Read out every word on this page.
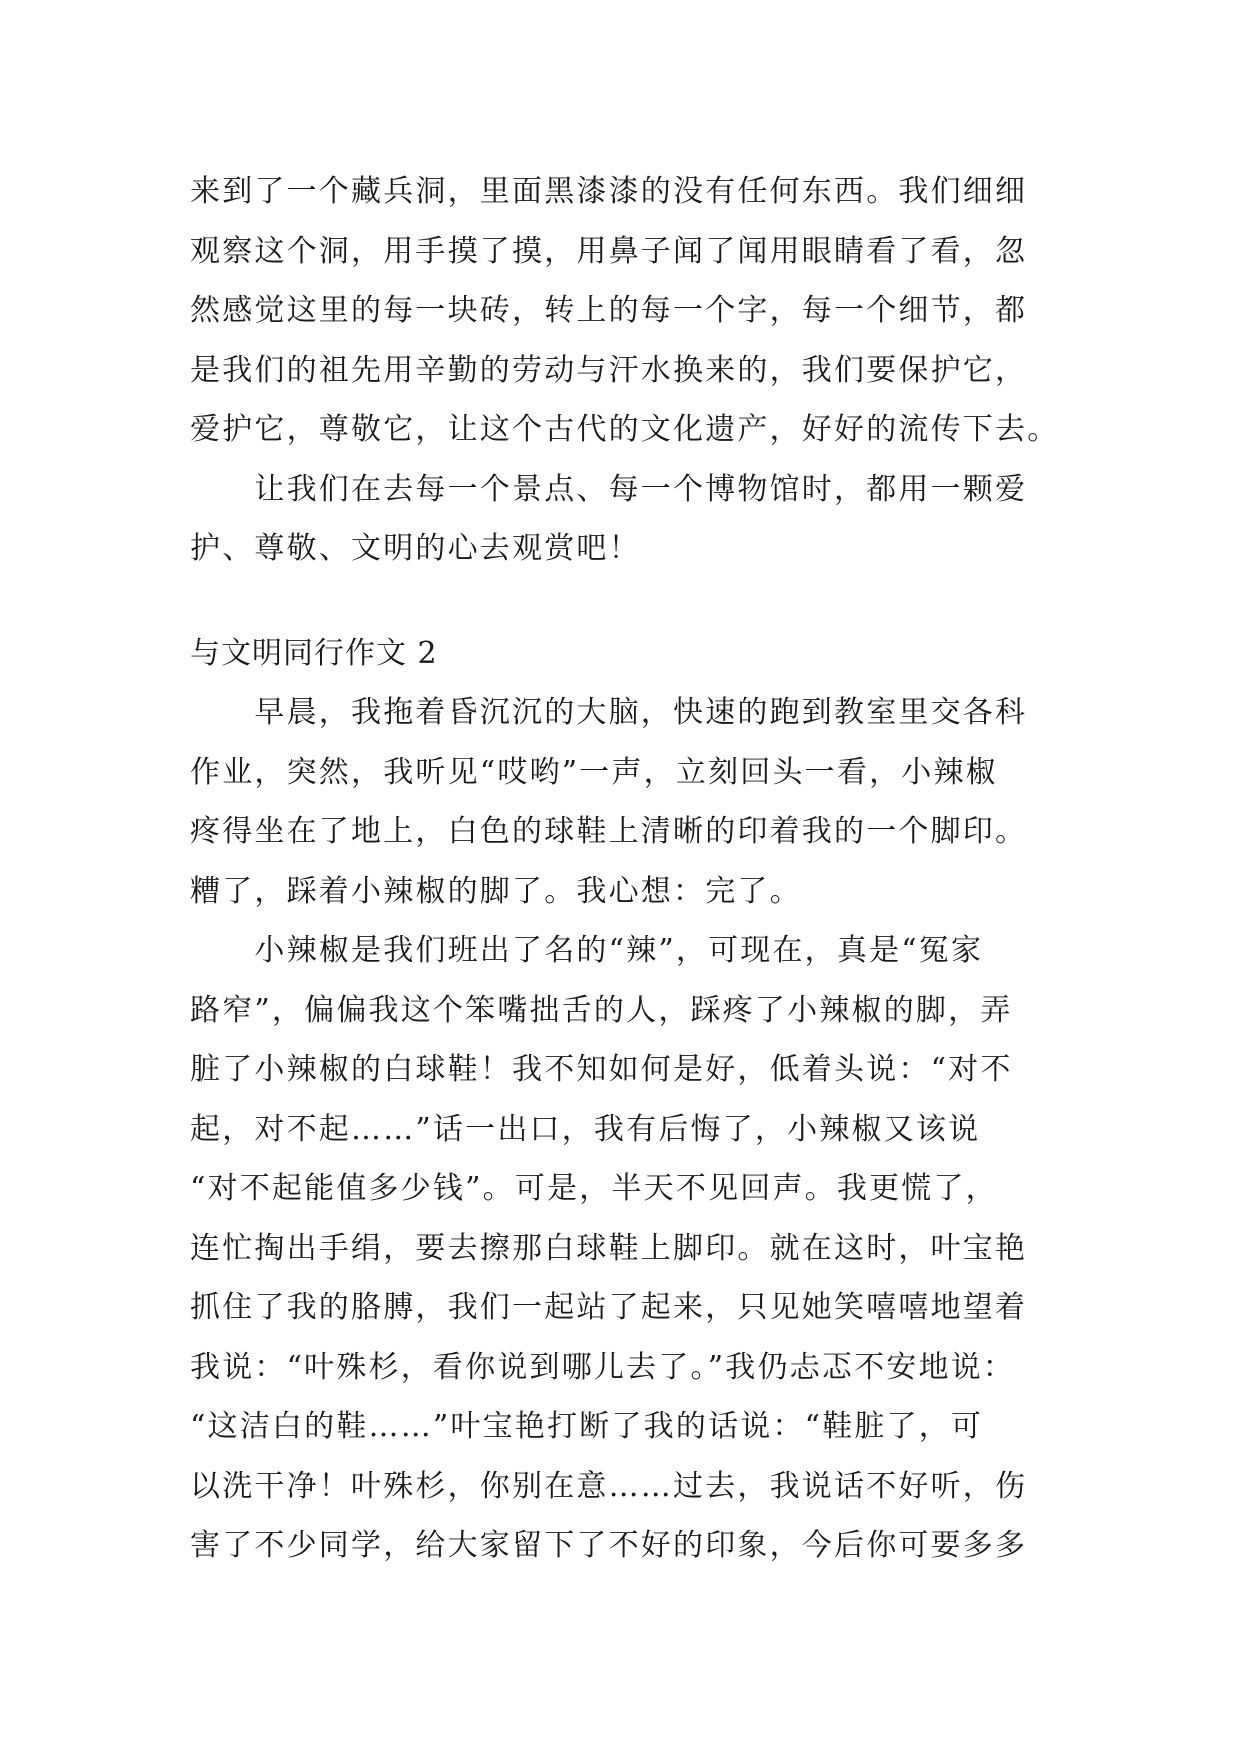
来到了一个藏兵洞，里面黑漆漆的没有任何东西。我们细细
观察这个洞，用手摸了摸，用鼻子闻了闻用眼睛看了看，忽
然感觉这里的每一块砖，转上的每一个字，每一个细节，都
是我们的祖先用辛勤的劳动与汗水换来的，我们要保护它，
爱护它，尊敬它，让这个古代的文化遗产，好好的流传下去。
　　让我们在去每一个景点、每一个博物馆时，都用一颗爱
护、尊敬、文明的心去观赏吧！
与文明同行作文 2
　　早晨，我拖着昏沉沉的大脑，快速的跑到教室里交各科
作业，突然，我听见“哎哟”一声，立刻回头一看，小辣椒
疼得坐在了地上，白色的球鞋上清晰的印着我的一个脚印。
糟了，踩着小辣椒的脚了。我心想：完了。
　　小辣椒是我们班出了名的“辣”，可现在，真是“冤家
路窄”，偏偏我这个笨嘴拙舌的人，踩疼了小辣椒的脚，弄
脏了小辣椒的白球鞋！我不知如何是好，低着头说：“对不
起，对不起……”话一出口，我有后悔了，小辣椒又该说
“对不起能值多少钱”。可是，半天不见回声。我更慌了，
连忙掏出手绢，要去擦那白球鞋上脚印。就在这时，叶宝艳
抓住了我的胳膊，我们一起站了起来，只见她笑嘻嘻地望着
我说：“叶殊杉，看你说到哪儿去了。”我仍忐忑不安地说：
“这洁白的鞋……”叶宝艳打断了我的话说：“鞋脏了，可
以洗干净！叶殊杉，你别在意……过去，我说话不好听，伤
害了不少同学，给大家留下了不好的印象，今后你可要多多
